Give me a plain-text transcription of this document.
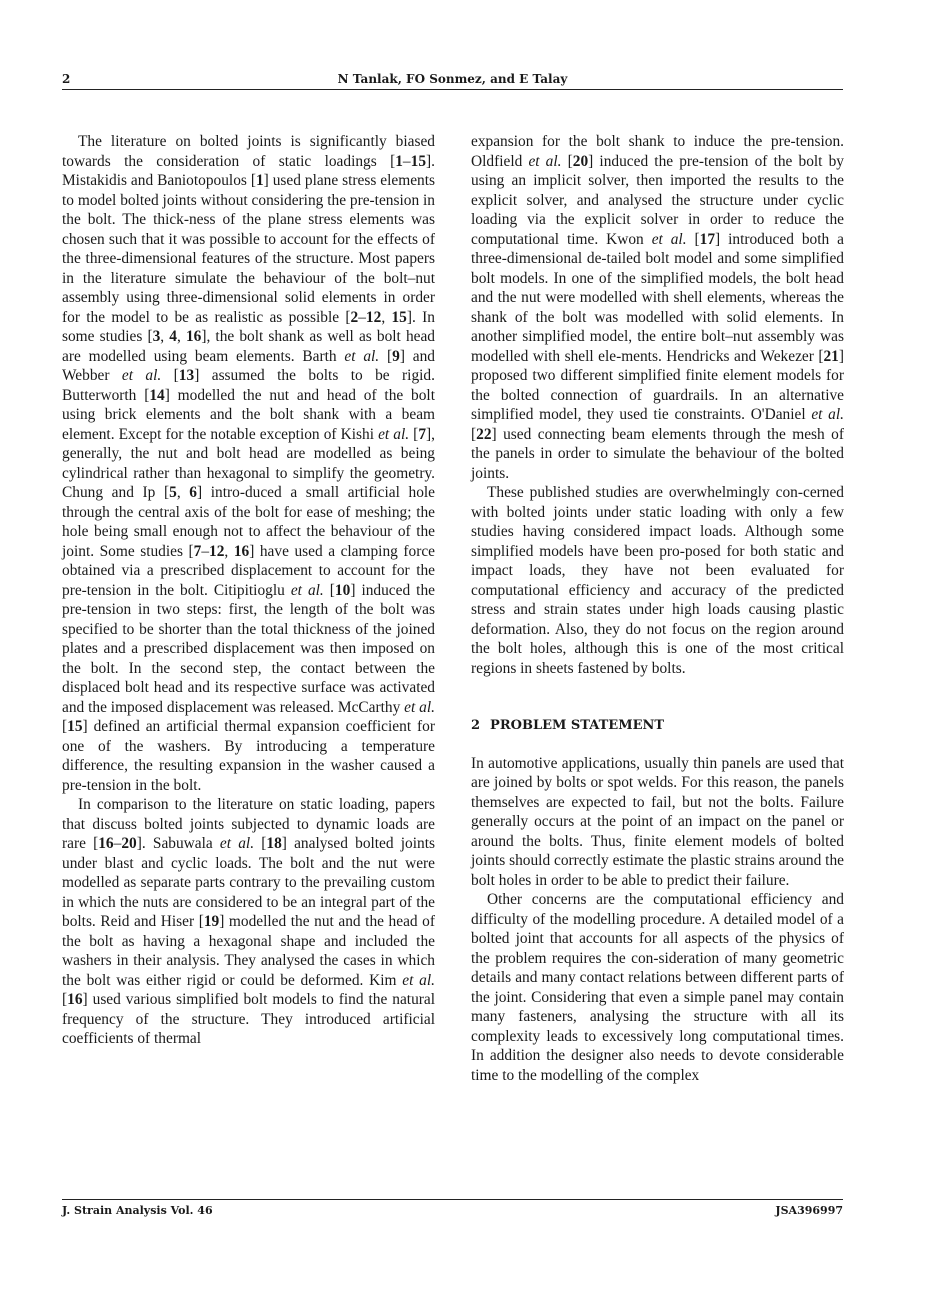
2	N Tanlak, FO Sonmez, and E Talay

The literature on bolted joints is significantly biased towards the consideration of static loadings [1–15]. Mistakidis and Baniotopoulos [1] used plane stress elements to model bolted joints without considering the pre-tension in the bolt. The thick-ness of the plane stress elements was chosen such that it was possible to account for the effects of the three-dimensional features of the structure. Most papers in the literature simulate the behaviour of the bolt–nut assembly using three-dimensional solid elements in order for the model to be as realistic as possible [2–12, 15]. In some studies [3, 4, 16], the bolt shank as well as bolt head are modelled using beam elements. Barth et al. [9] and Webber et al. [13] assumed the bolts to be rigid. Butterworth [14] modelled the nut and head of the bolt using brick elements and the bolt shank with a beam element. Except for the notable exception of Kishi et al. [7], generally, the nut and bolt head are modelled as being cylindrical rather than hexagonal to simplify the geometry. Chung and Ip [5, 6] intro-duced a small artificial hole through the central axis of the bolt for ease of meshing; the hole being small enough not to affect the behaviour of the joint. Some studies [7–12, 16] have used a clamping force obtained via a prescribed displacement to account for the pre-tension in the bolt. Citipitioglu et al. [10] induced the pre-tension in two steps: first, the length of the bolt was specified to be shorter than the total thickness of the joined plates and a prescribed displacement was then imposed on the bolt. In the second step, the contact between the displaced bolt head and its respective surface was activated and the imposed displacement was released. McCarthy et al. [15] defined an artificial thermal expansion coefficient for one of the washers. By introducing a temperature difference, the resulting expansion in the washer caused a pre-tension in the bolt.

In comparison to the literature on static loading, papers that discuss bolted joints subjected to dynamic loads are rare [16–20]. Sabuwala et al. [18] analysed bolted joints under blast and cyclic loads. The bolt and the nut were modelled as separate parts contrary to the prevailing custom in which the nuts are considered to be an integral part of the bolts. Reid and Hiser [19] modelled the nut and the head of the bolt as having a hexagonal shape and included the washers in their analysis. They analysed the cases in which the bolt was either rigid or could be deformed. Kim et al. [16] used various simplified bolt models to find the natural frequency of the structure. They introduced artificial coefficients of thermal

expansion for the bolt shank to induce the pre-tension. Oldfield et al. [20] induced the pre-tension of the bolt by using an implicit solver, then imported the results to the explicit solver, and analysed the structure under cyclic loading via the explicit solver in order to reduce the computational time. Kwon et al. [17] introduced both a three-dimensional de-tailed bolt model and some simplified bolt models. In one of the simplified models, the bolt head and the nut were modelled with shell elements, whereas the shank of the bolt was modelled with solid elements. In another simplified model, the entire bolt–nut assembly was modelled with shell ele-ments. Hendricks and Wekezer [21] proposed two different simplified finite element models for the bolted connection of guardrails. In an alternative simplified model, they used tie constraints. O'Daniel et al. [22] used connecting beam elements through the mesh of the panels in order to simulate the behaviour of the bolted joints.

These published studies are overwhelmingly con-cerned with bolted joints under static loading with only a few studies having considered impact loads. Although some simplified models have been pro-posed for both static and impact loads, they have not been evaluated for computational efficiency and accuracy of the predicted stress and strain states under high loads causing plastic deformation. Also, they do not focus on the region around the bolt holes, although this is one of the most critical regions in sheets fastened by bolts.

2 PROBLEM STATEMENT

In automotive applications, usually thin panels are used that are joined by bolts or spot welds. For this reason, the panels themselves are expected to fail, but not the bolts. Failure generally occurs at the point of an impact on the panel or around the bolts. Thus, finite element models of bolted joints should correctly estimate the plastic strains around the bolt holes in order to be able to predict their failure.

Other concerns are the computational efficiency and difficulty of the modelling procedure. A detailed model of a bolted joint that accounts for all aspects of the physics of the problem requires the con-sideration of many geometric details and many contact relations between different parts of the joint. Considering that even a simple panel may contain many fasteners, analysing the structure with all its complexity leads to excessively long computational times. In addition the designer also needs to devote considerable time to the modelling of the complex

J. Strain Analysis Vol. 46	JSA396997
